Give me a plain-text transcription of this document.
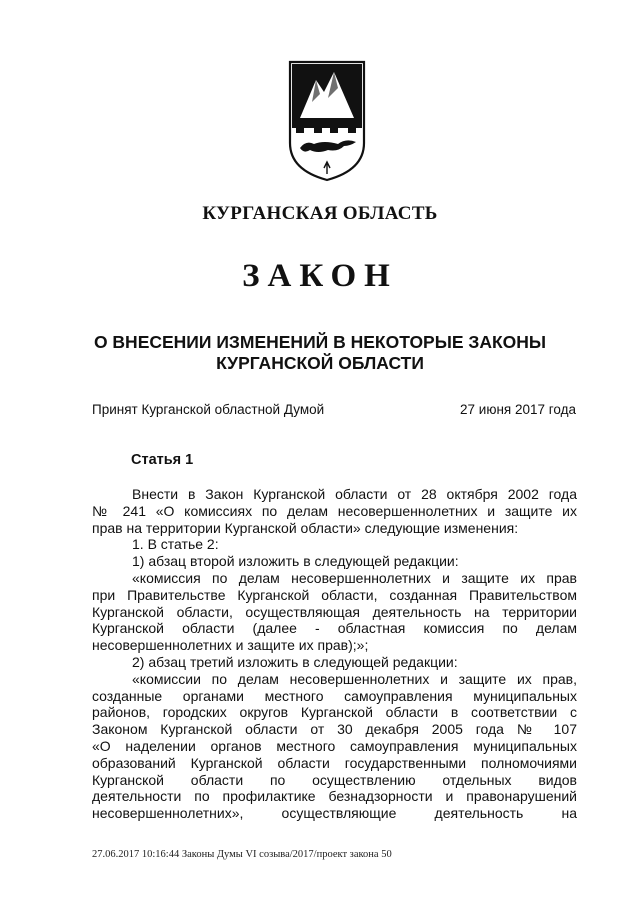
КУРГАНСКАЯ ОБЛАСТЬ
ЗАКОН
О ВНЕСЕНИИ ИЗМЕНЕНИЙ В НЕКОТОРЫЕ ЗАКОНЫ
КУРГАНСКОЙ ОБЛАСТИ
Принят Курганской областной Думой	27 июня 2017 года
Статья 1
Внести в Закон Курганской области от 28 октября 2002 года
№ 241 «О комиссиях по делам несовершеннолетних и защите их
прав на территории Курганской области» следующие изменения:
1. В статье 2:
1) абзац второй изложить в следующей редакции:
«комиссия по делам несовершеннолетних и защите их прав
при Правительстве Курганской области, созданная Правительством
Курганской области, осуществляющая деятельность на территории
Курганской области (далее - областная комиссия по делам
несовершеннолетних и защите их прав);»;
2) абзац третий изложить в следующей редакции:
«комиссии по делам несовершеннолетних и защите их прав,
созданные органами местного самоуправления муниципальных
районов, городских округов Курганской области в соответствии с
Законом Курганской области от 30 декабря 2005 года № 107
«О наделении органов местного самоуправления муниципальных
образований Курганской области государственными полномочиями
Курганской области по осуществлению отдельных видов
деятельности по профилактике безнадзорности и правонарушений
несовершеннолетних», осуществляющие деятельность на
27.06.2017 10:16:44 Законы Думы VI созыва/2017/проект закона 50
